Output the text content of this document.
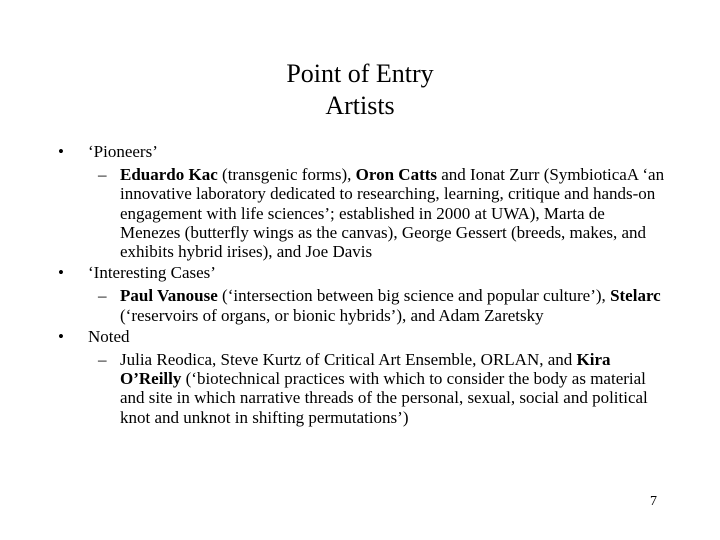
Point of Entry
Artists
• ‘Pioneers’
– Eduardo Kac (transgenic forms), Oron Catts and Ionat Zurr (SymbioticaA ‘an innovative laboratory dedicated to researching, learning, critique and hands-on engagement with life sciences’; established in 2000 at UWA), Marta de Menezes (butterfly wings as the canvas), George Gessert (breeds, makes, and exhibits hybrid irises), and Joe Davis
• ‘Interesting Cases’
– Paul Vanouse (‘intersection between big science and popular culture’), Stelarc (‘reservoirs of organs, or bionic hybrids’), and Adam Zaretsky
• Noted
– Julia Reodica, Steve Kurtz of Critical Art Ensemble, ORLAN, and Kira O’Reilly (‘biotechnical practices with which to consider the body as material and site in which narrative threads of the personal, sexual, social and political knot and unknot in shifting permutations’)
7
